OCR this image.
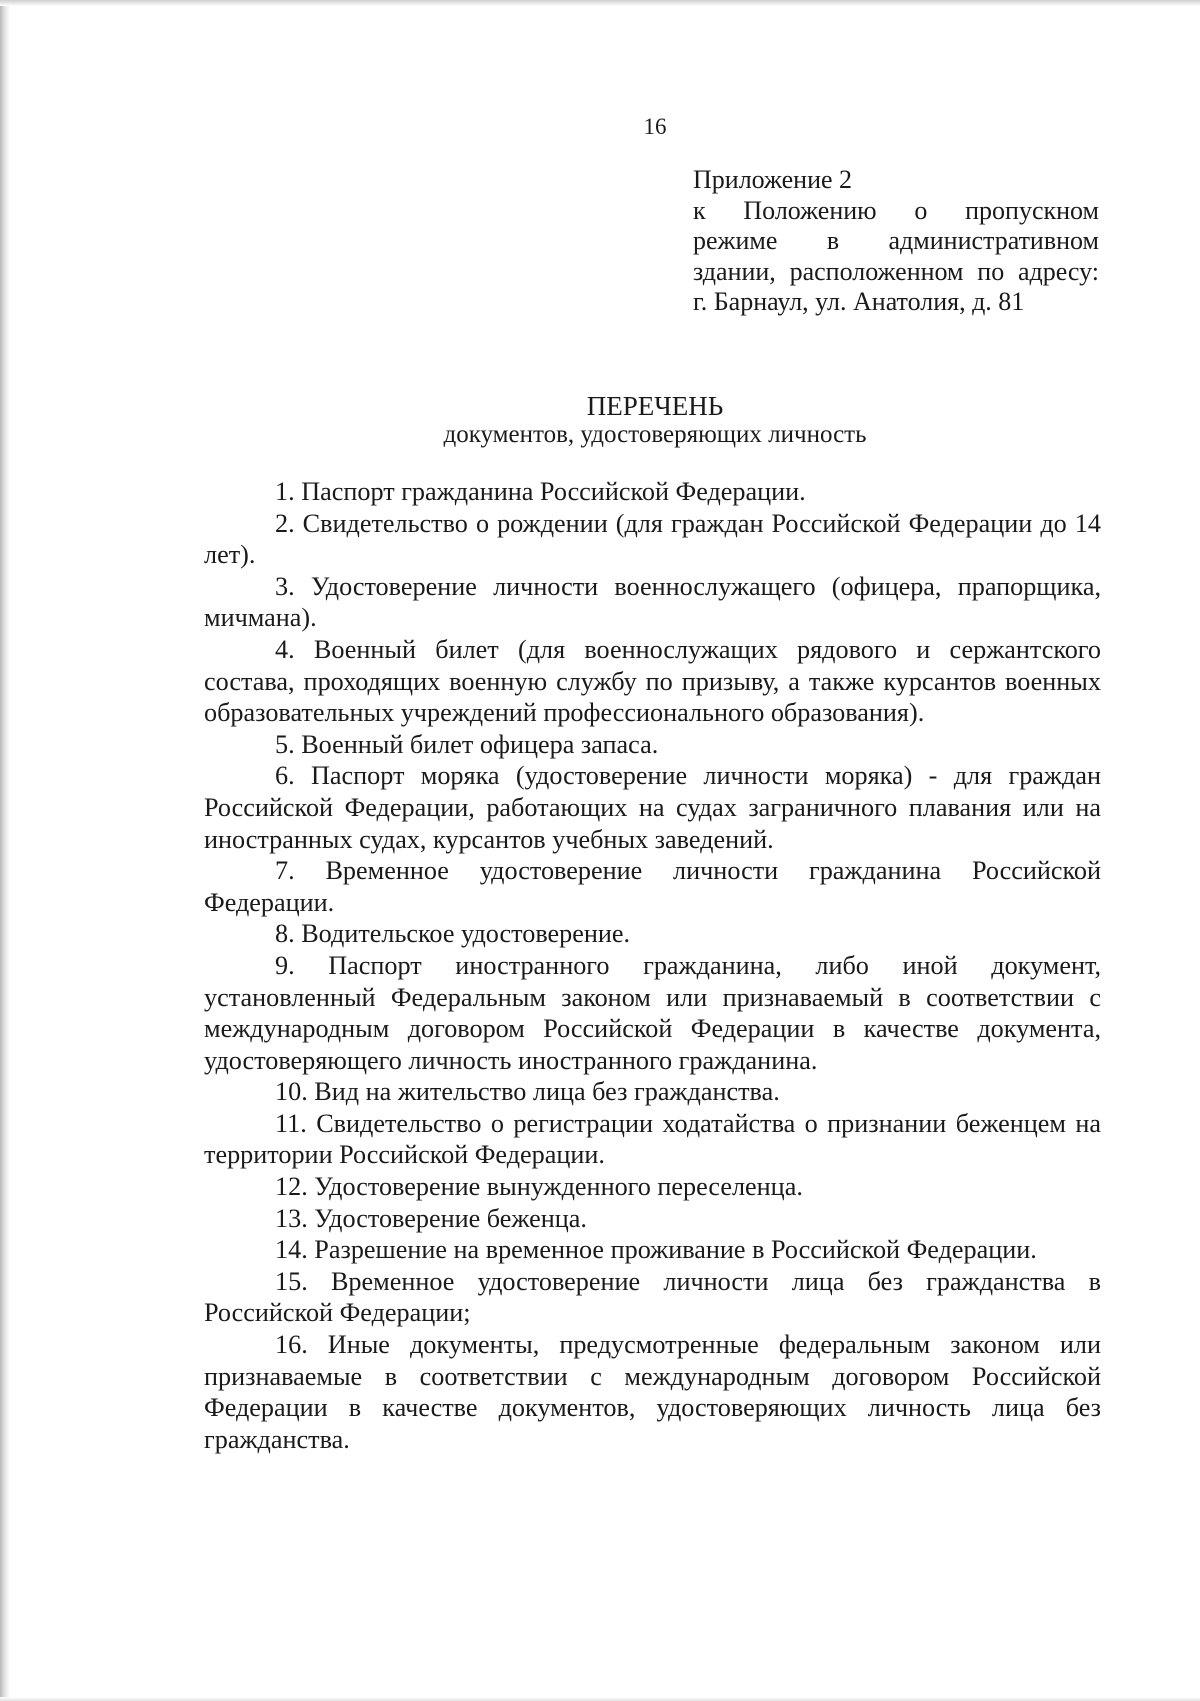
16
Приложение 2
к Положению о пропускном
режиме в административном
здании, расположенном по адресу:
г. Барнаул, ул. Анатолия, д. 81
ПЕРЕЧЕНЬ
документов, удостоверяющих личность
1. Паспорт гражданина Российской Федерации.
2. Свидетельство о рождении (для граждан Российской Федерации до 14 лет).
3. Удостоверение личности военнослужащего (офицера, прапорщика, мичмана).
4. Военный билет (для военнослужащих рядового и сержантского состава, проходящих военную службу по призыву, а также курсантов военных образовательных учреждений профессионального образования).
5. Военный билет офицера запаса.
6. Паспорт моряка (удостоверение личности моряка) - для граждан Российской Федерации, работающих на судах заграничного плавания или на иностранных судах, курсантов учебных заведений.
7. Временное удостоверение личности гражданина Российской Федерации.
8. Водительское удостоверение.
9. Паспорт иностранного гражданина, либо иной документ, установленный Федеральным законом или признаваемый в соответствии с международным договором Российской Федерации в качестве документа, удостоверяющего личность иностранного гражданина.
10. Вид на жительство лица без гражданства.
11. Свидетельство о регистрации ходатайства о признании беженцем на территории Российской Федерации.
12. Удостоверение вынужденного переселенца.
13. Удостоверение беженца.
14. Разрешение на временное проживание в Российской Федерации.
15. Временное удостоверение личности лица без гражданства в Российской Федерации;
16. Иные документы, предусмотренные федеральным законом или признаваемые в соответствии с международным договором Российской Федерации в качестве документов, удостоверяющих личность лица без гражданства.
